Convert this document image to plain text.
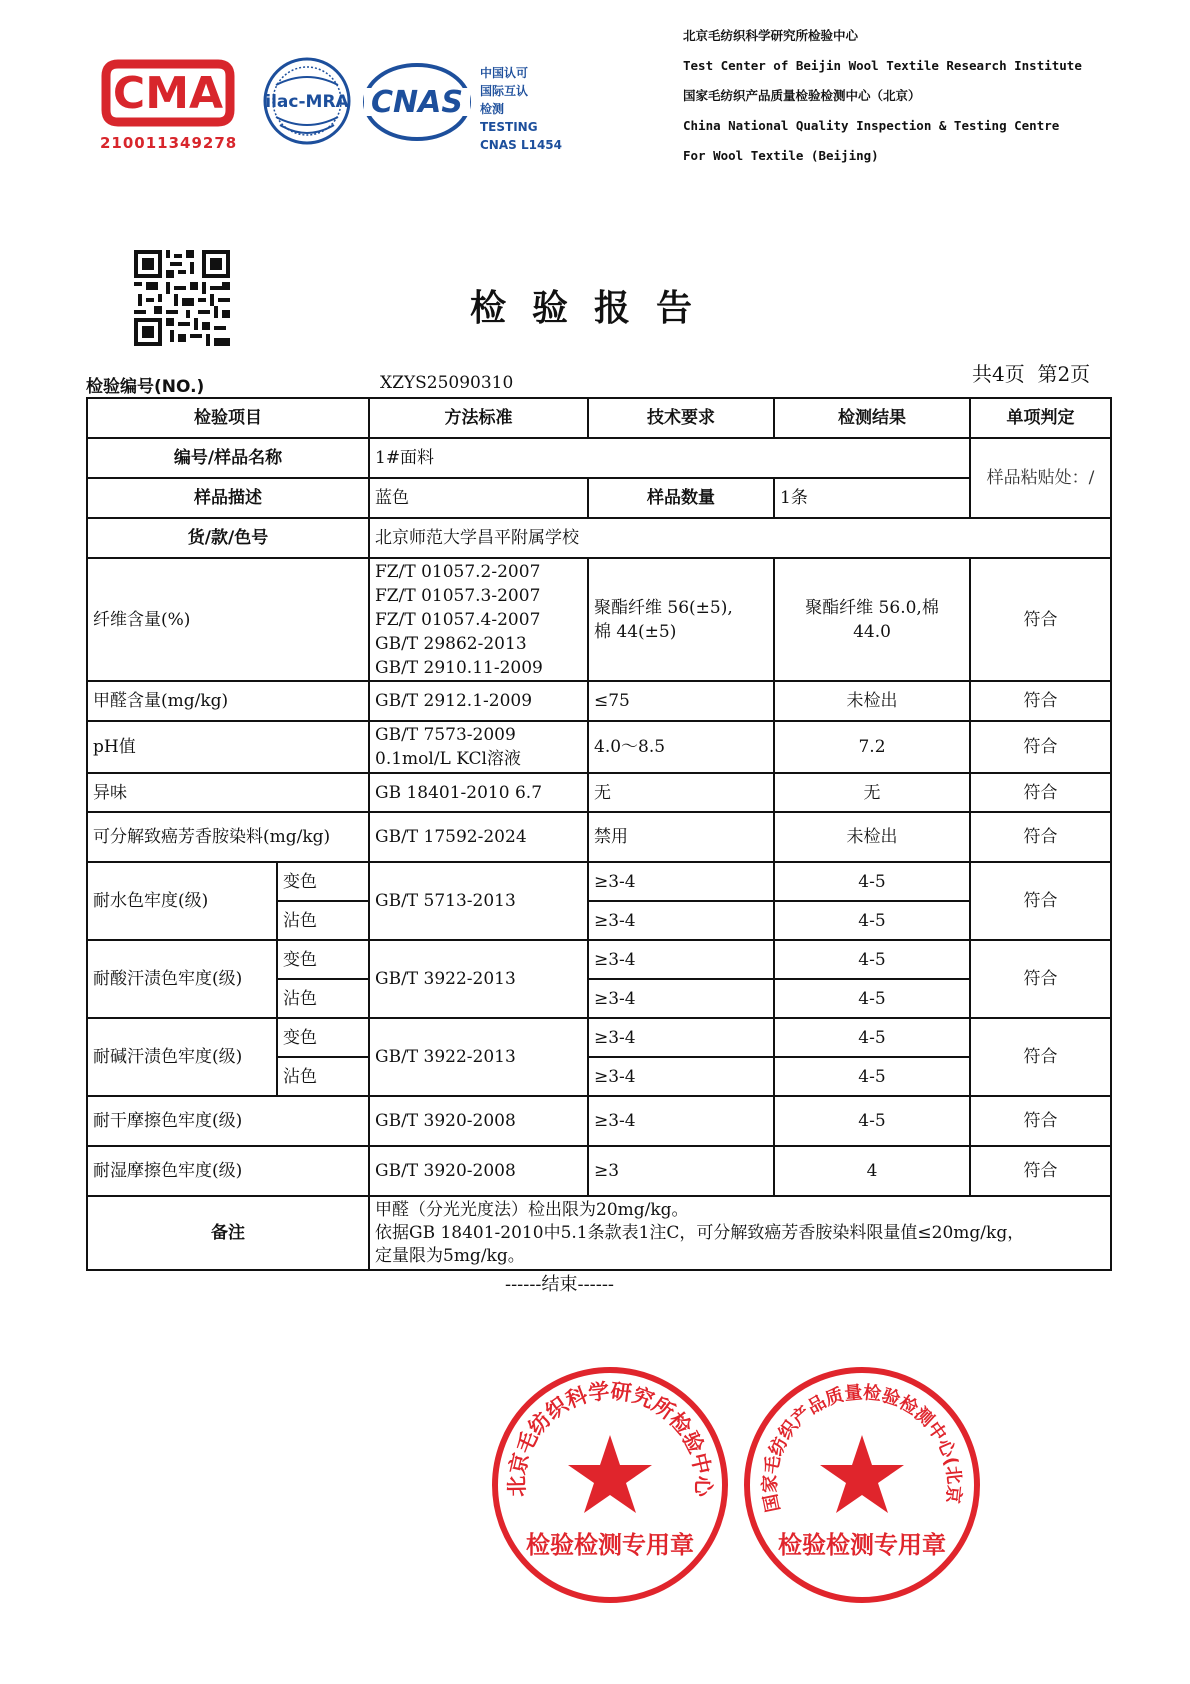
CMA
210011349278
ilac-MRA CNAS
中国认可
国际互认
检测
TESTING
CNAS L1454
北京毛纺织科学研究所检验中心
Test Center of Beijin Wool Textile Research Institute
国家毛纺织产品质量检验检测中心（北京）
China National Quality Inspection & Testing Centre
For Wool Textile (Beijing)
检验报告
检验编号(NO.)	XZYS25090310	共4页  第2页
检验项目		方法标准	技术要求	检测结果	单项判定
编号/样品名称		1#面料			样品粘贴处：/
样品描述		蓝色	样品数量	1条	
货/款/色号		北京师范大学昌平附属学校			
纤维含量(%)		FZ/T 01057.2-2007
FZ/T 01057.3-2007
FZ/T 01057.4-2007
GB/T 29862-2013
GB/T 2910.11-2009	聚酯纤维 56(±5),
棉 44(±5)	聚酯纤维 56.0,棉
44.0	符合
甲醛含量(mg/kg)		GB/T 2912.1-2009	≤75	未检出	符合
pH值		GB/T 7573-2009
0.1mol/L KCl溶液	4.0～8.5	7.2	符合
异味		GB 18401-2010 6.7	无	无	符合
可分解致癌芳香胺染料(mg/kg)		GB/T 17592-2024	禁用	未检出	符合
耐水色牢度(级)	变色	GB/T 5713-2013	≥3-4	4-5	符合
	沾色		≥3-4	4-5	
耐酸汗渍色牢度(级)	变色	GB/T 3922-2013	≥3-4	4-5	符合
	沾色		≥3-4	4-5	
耐碱汗渍色牢度(级)	变色	GB/T 3922-2013	≥3-4	4-5	符合
	沾色		≥3-4	4-5	
耐干摩擦色牢度(级)		GB/T 3920-2008	≥3-4	4-5	符合
耐湿摩擦色牢度(级)		GB/T 3920-2008	≥3	4	符合
备注		甲醛（分光光度法）检出限为20mg/kg。
依据GB 18401-2010中5.1条款表1注C，可分解致癌芳香胺染料限量值≤20mg/kg，
定量限为5mg/kg。			
------结束------
北京毛纺织科学研究所检验中心
检验检测专用章
国家毛纺织产品质量检验检测中心(北京
检验检测专用章
